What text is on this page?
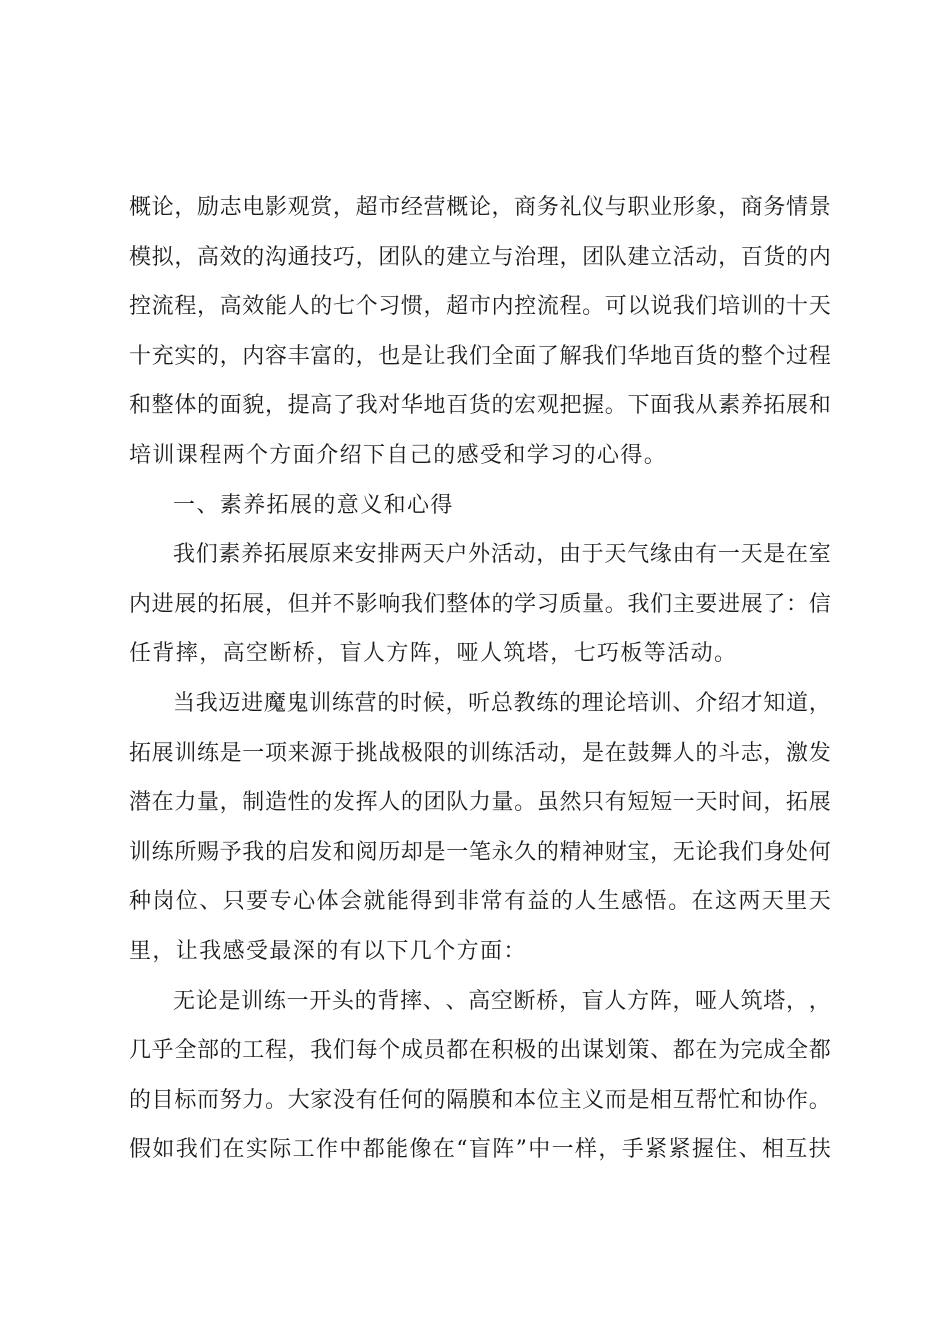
概 论 ， 励 志 电 影 观 赏 ， 超 市 经 营 概 论 ， 商 务 礼 仪 与 职 业 形 象 ， 商 务 情 景
模 拟 ， 高 效 的 沟 通 技 巧 ， 团 队 的 建 立 与 治 理 ， 团 队 建 立 活 动 ， 百 货 的 内
控 流 程 ， 高 效 能 人 的 七 个 习 惯 ， 超 市 内 控 流 程 。 可 以 说 我 们 培 训 的 十 天
十 充 实 的 ， 内 容 丰 富 的 ， 也 是 让 我 们 全 面 了 解 我 们 华 地 百 货 的 整 个 过 程
和 整 体 的 面 貌 ， 提 高 了 我 对 华 地 百 货 的 宏 观 把 握 。 下 面 我 从 素 养 拓 展 和
培训课程两个方面介绍下自己的感受和学习的心得。
一、素养拓展的意义和心得
我 们 素 养 拓 展 原 来 安 排 两 天 户 外 活 动 ， 由 于 天 气 缘 由 有 一 天 是 在 室
内 进 展 的 拓 展 ， 但 并 不 影 响 我 们 整 体 的 学 习 质 量 。 我 们 主 要 进 展 了 ： 信
任背摔，高空断桥，盲人方阵，哑人筑塔，七巧板等活动。
当 我 迈 进 魔 鬼 训 练 营 的 时 候 ， 听 总 教 练 的 理 论 培 训 、 介 绍 才 知 道 ，
拓 展 训 练 是 一 项 来 源 于 挑 战 极 限 的 训 练 活 动 ， 是 在 鼓 舞 人 的 斗 志 ， 激 发
潜 在 力 量 ， 制 造 性 的 发 挥 人 的 团 队 力 量 。 虽 然 只 有 短 短 一 天 时 间 ， 拓 展
训 练 所 赐 予 我 的 启 发 和 阅 历 却 是 一 笔 永 久 的 精 神 财 宝 ， 无 论 我 们 身 处 何
种 岗 位 、 只 要 专 心 体 会 就 能 得 到 非 常 有 益 的 人 生 感 悟 。 在 这 两 天 里 天
里，让我感受最深的有以下几个方面：
无 论 是 训 练 一 开 头 的 背 摔 、 、 高 空 断 桥 ， 盲 人 方 阵 ， 哑 人 筑 塔 ， ，
几 乎 全 部 的 工 程 ， 我 们 每 个 成 员 都 在 积 极 的 出 谋 划 策 、 都 在 为 完 成 全 都
的 目 标 而 努 力 。 大 家 没 有 任 何 的 隔 膜 和 本 位 主 义 而 是 相 互 帮 忙 和 协 作 。
假 如 我 们 在 实 际 工 作 中 都 能 像 在 “ 盲 阵 ” 中 一 样 ， 手 紧 紧 握 住 、 相 互 扶
